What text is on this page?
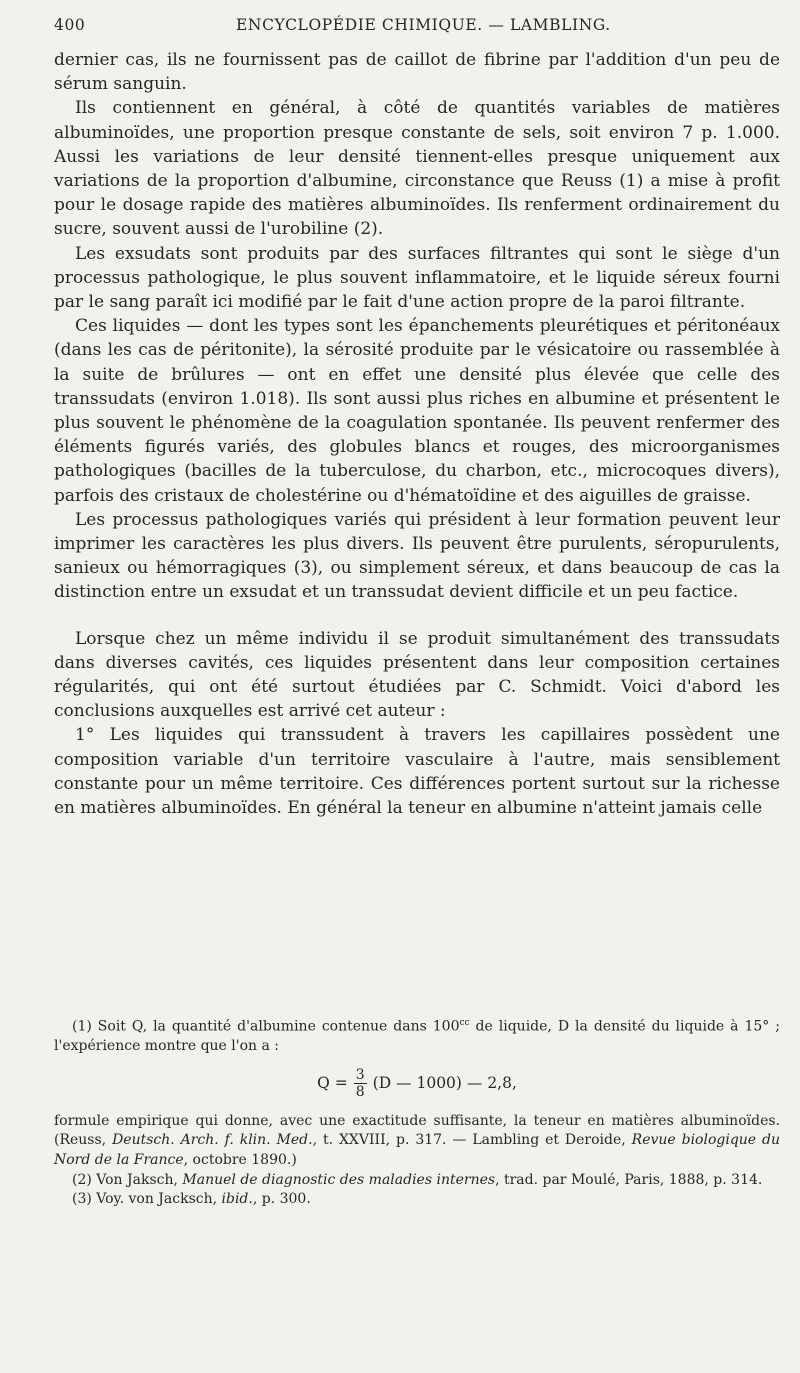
400	ENCYCLOPÉDIE CHIMIQUE. — LAMBLING.

dernier cas, ils ne fournissent pas de caillot de fibrine par l'addition d'un peu de sérum sanguin.

Ils contiennent en général, à côté de quantités variables de matières albuminoïdes, une proportion presque constante de sels, soit environ 7 p. 1.000. Aussi les variations de leur densité tiennent-elles presque uniquement aux variations de la proportion d'albumine, circonstance que Reuss (1) a mise à profit pour le dosage rapide des matières albuminoïdes. Ils renferment ordinairement du sucre, souvent aussi de l'urobiline (2).

Les exsudats sont produits par des surfaces filtrantes qui sont le siège d'un processus pathologique, le plus souvent inflammatoire, et le liquide séreux fourni par le sang paraît ici modifié par le fait d'une action propre de la paroi filtrante.

Ces liquides — dont les types sont les épanchements pleurétiques et péritonéaux (dans les cas de péritonite), la sérosité produite par le vésicatoire ou rassemblée à la suite de brûlures — ont en effet une densité plus élevée que celle des transsudats (environ 1.018). Ils sont aussi plus riches en albumine et présentent le plus souvent le phénomène de la coagulation spontanée. Ils peuvent renfermer des éléments figurés variés, des globules blancs et rouges, des microorganismes pathologiques (bacilles de la tuberculose, du charbon, etc., microcoques divers), parfois des cristaux de cholestérine ou d'hématoïdine et des aiguilles de graisse.

Les processus pathologiques variés qui président à leur formation peuvent leur imprimer les caractères les plus divers. Ils peuvent être purulents, séropurulents, sanieux ou hémorragiques (3), ou simplement séreux, et dans beaucoup de cas la distinction entre un exsudat et un transsudat devient difficile et un peu factice.

Lorsque chez un même individu il se produit simultanément des transsudats dans diverses cavités, ces liquides présentent dans leur composition certaines régularités, qui ont été surtout étudiées par C. Schmidt. Voici d'abord les conclusions auxquelles est arrivé cet auteur :

1° Les liquides qui transsudent à travers les capillaires possèdent une composition variable d'un territoire vasculaire à l'autre, mais sensiblement constante pour un même territoire. Ces différences portent surtout sur la richesse en matières albuminoïdes. En général la teneur en albumine n'atteint jamais celle

(1) Soit Q, la quantité d'albumine contenue dans $100^{cc}$ de liquide, D la densité du liquide à 15° ; l'expérience montre que l'on a :

$Q = \frac{3}{8} (D$ — 1000) — 2,8,

formule empirique qui donne, avec une exactitude suffisante, la teneur en matières albuminoïdes. (Reuss, Deutsch. Arch. f. klin. Med., t. XXVIII, p. 317. — Lambling et Deroide, Revue biologique du Nord de la France, octobre 1890.)

(2) Von Jaksch, Manuel de diagnostic des maladies internes, trad. par Moulé, Paris, 1888, p. 314.

(3) Voy. von Jacksch, ibid., p. 300.
